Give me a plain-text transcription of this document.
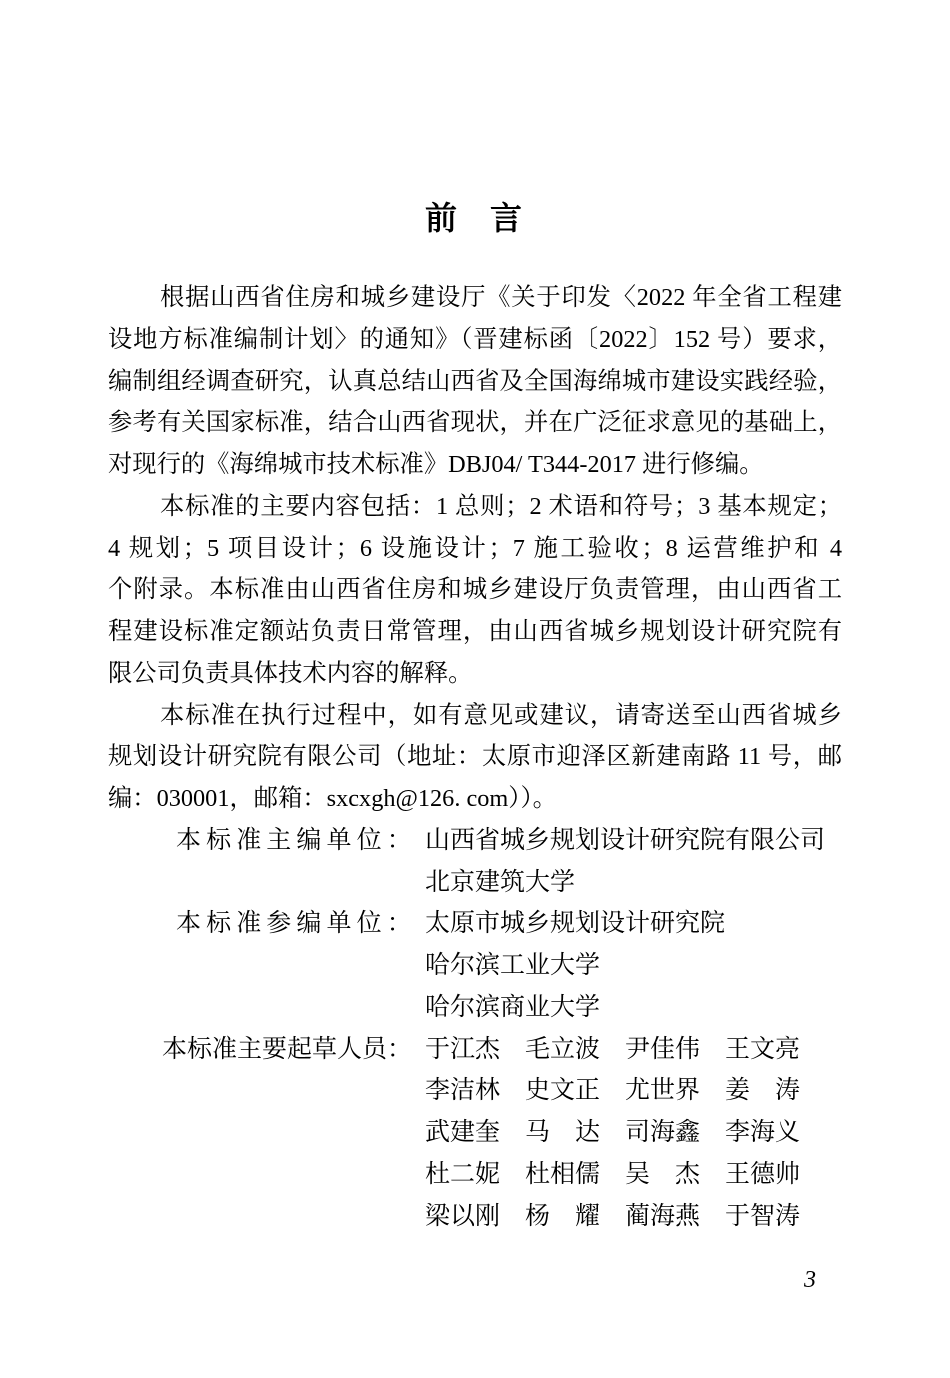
前言
根据山西省住房和城乡建设厅《关于印发〈2022 年全省工程建
设地方标准编制计划〉的通知》（晋建标函〔2022〕152 号）要求，
编制组经调查研究，认真总结山西省及全国海绵城市建设实践经验，
参考有关国家标准，结合山西省现状，并在广泛征求意见的基础上，
对现行的《海绵城市技术标准》DBJ04/ T344-2017 进行修编。
本标准的主要内容包括：1 总则；2 术语和符号；3 基本规定；
4 规划；5 项目设计；6 设施设计；7 施工验收；8 运营维护和 4
个附录。本标准由山西省住房和城乡建设厅负责管理，由山西省工
程建设标准定额站负责日常管理，由山西省城乡规划设计研究院有
限公司负责具体技术内容的解释。
本标准在执行过程中，如有意见或建议，请寄送至山西省城乡
规划设计研究院有限公司（地址：太原市迎泽区新建南路 11 号，邮
编：030001，邮箱：sxcxgh@126. com））。
本标准主编单位： 山西省城乡规划设计研究院有限公司
北京建筑大学
本标准参编单位： 太原市城乡规划设计研究院
哈尔滨工业大学
哈尔滨商业大学
本标准主要起草人员： 于江杰 毛立波 尹佳伟 王文亮
李洁林 史文正 尤世界 姜涛
武建奎 马达 司海鑫 李海义
杜二妮 杜相儒 吴杰 王德帅
梁以刚 杨耀 蔺海燕 于智涛
3
